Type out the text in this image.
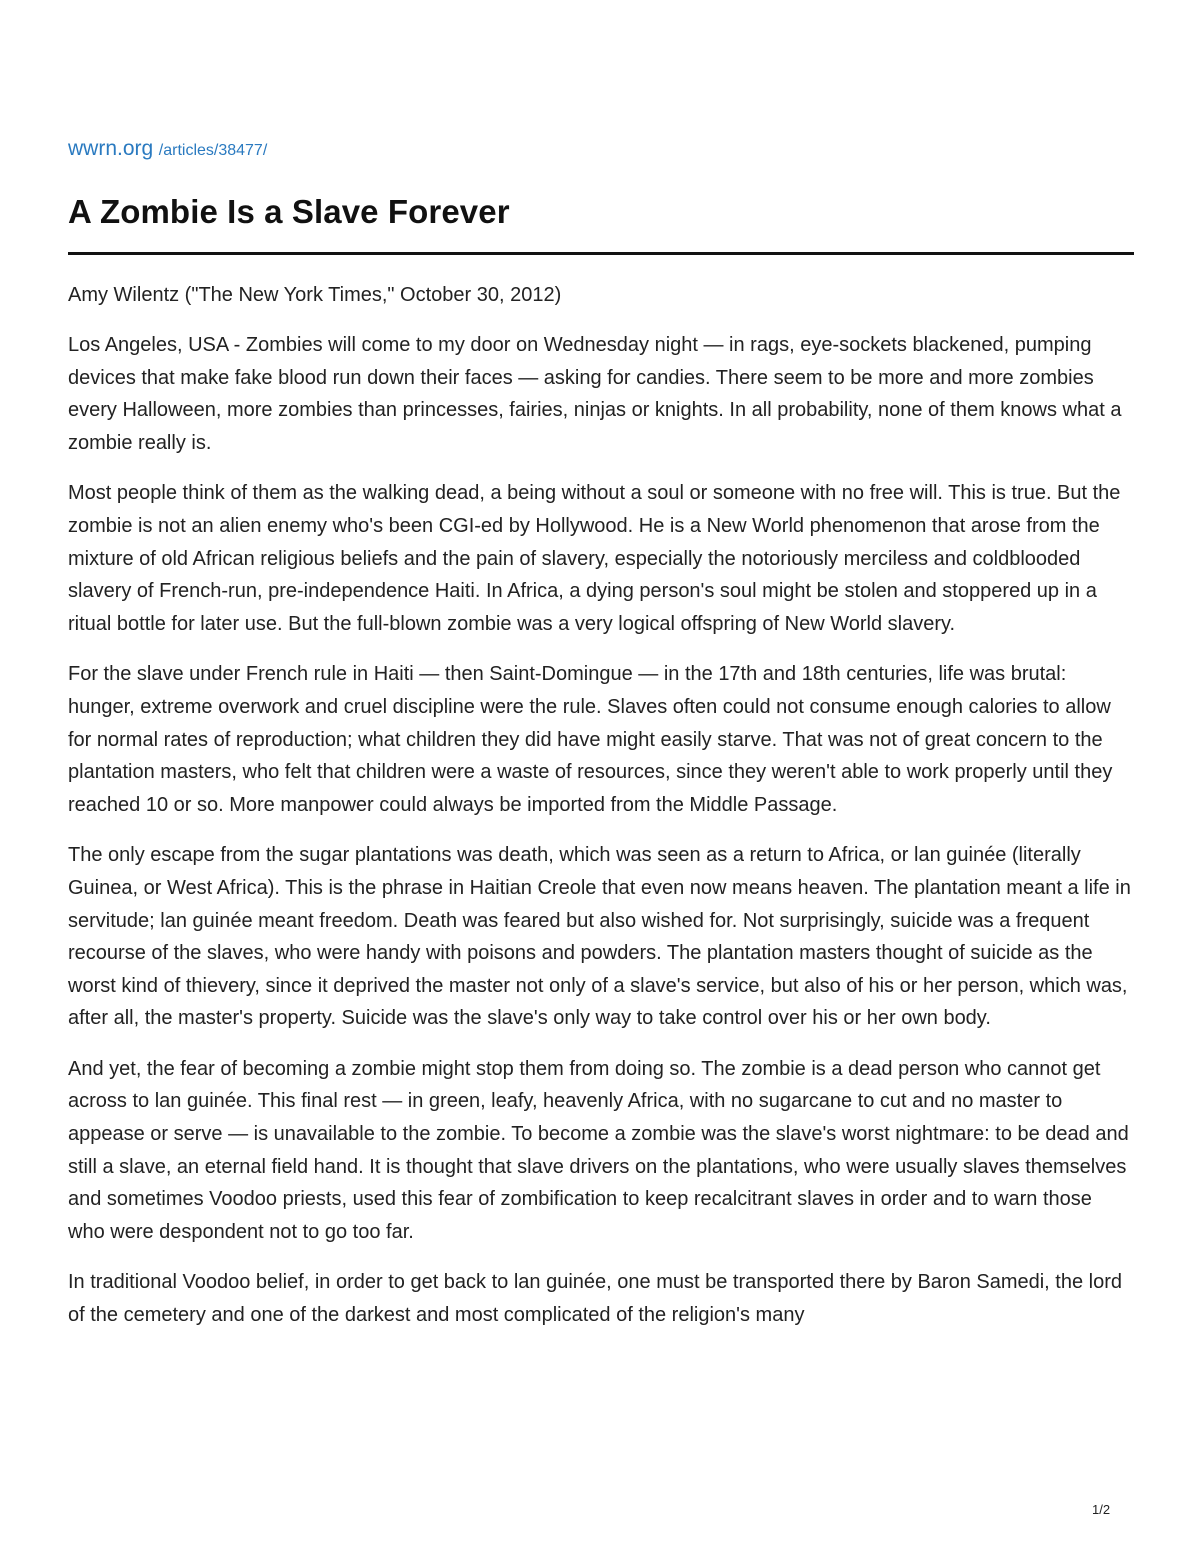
wwrn.org /articles/38477/
A Zombie Is a Slave Forever
Amy Wilentz ("The New York Times," October 30, 2012)

Los Angeles, USA - Zombies will come to my door on Wednesday night — in rags, eye-sockets blackened, pumping devices that make fake blood run down their faces — asking for candies. There seem to be more and more zombies every Halloween, more zombies than princesses, fairies, ninjas or knights. In all probability, none of them knows what a zombie really is.

Most people think of them as the walking dead, a being without a soul or someone with no free will. This is true. But the zombie is not an alien enemy who's been CGI-ed by Hollywood. He is a New World phenomenon that arose from the mixture of old African religious beliefs and the pain of slavery, especially the notoriously merciless and coldblooded slavery of French-run, pre-independence Haiti. In Africa, a dying person's soul might be stolen and stoppered up in a ritual bottle for later use. But the full-blown zombie was a very logical offspring of New World slavery.

For the slave under French rule in Haiti — then Saint-Domingue — in the 17th and 18th centuries, life was brutal: hunger, extreme overwork and cruel discipline were the rule. Slaves often could not consume enough calories to allow for normal rates of reproduction; what children they did have might easily starve. That was not of great concern to the plantation masters, who felt that children were a waste of resources, since they weren't able to work properly until they reached 10 or so. More manpower could always be imported from the Middle Passage.

The only escape from the sugar plantations was death, which was seen as a return to Africa, or lan guinée (literally Guinea, or West Africa). This is the phrase in Haitian Creole that even now means heaven. The plantation meant a life in servitude; lan guinée meant freedom. Death was feared but also wished for. Not surprisingly, suicide was a frequent recourse of the slaves, who were handy with poisons and powders. The plantation masters thought of suicide as the worst kind of thievery, since it deprived the master not only of a slave's service, but also of his or her person, which was, after all, the master's property. Suicide was the slave's only way to take control over his or her own body.

And yet, the fear of becoming a zombie might stop them from doing so. The zombie is a dead person who cannot get across to lan guinée. This final rest — in green, leafy, heavenly Africa, with no sugarcane to cut and no master to appease or serve — is unavailable to the zombie. To become a zombie was the slave's worst nightmare: to be dead and still a slave, an eternal field hand. It is thought that slave drivers on the plantations, who were usually slaves themselves and sometimes Voodoo priests, used this fear of zombification to keep recalcitrant slaves in order and to warn those who were despondent not to go too far.

In traditional Voodoo belief, in order to get back to lan guinée, one must be transported there by Baron Samedi, the lord of the cemetery and one of the darkest and most complicated of the religion's many

1/2
